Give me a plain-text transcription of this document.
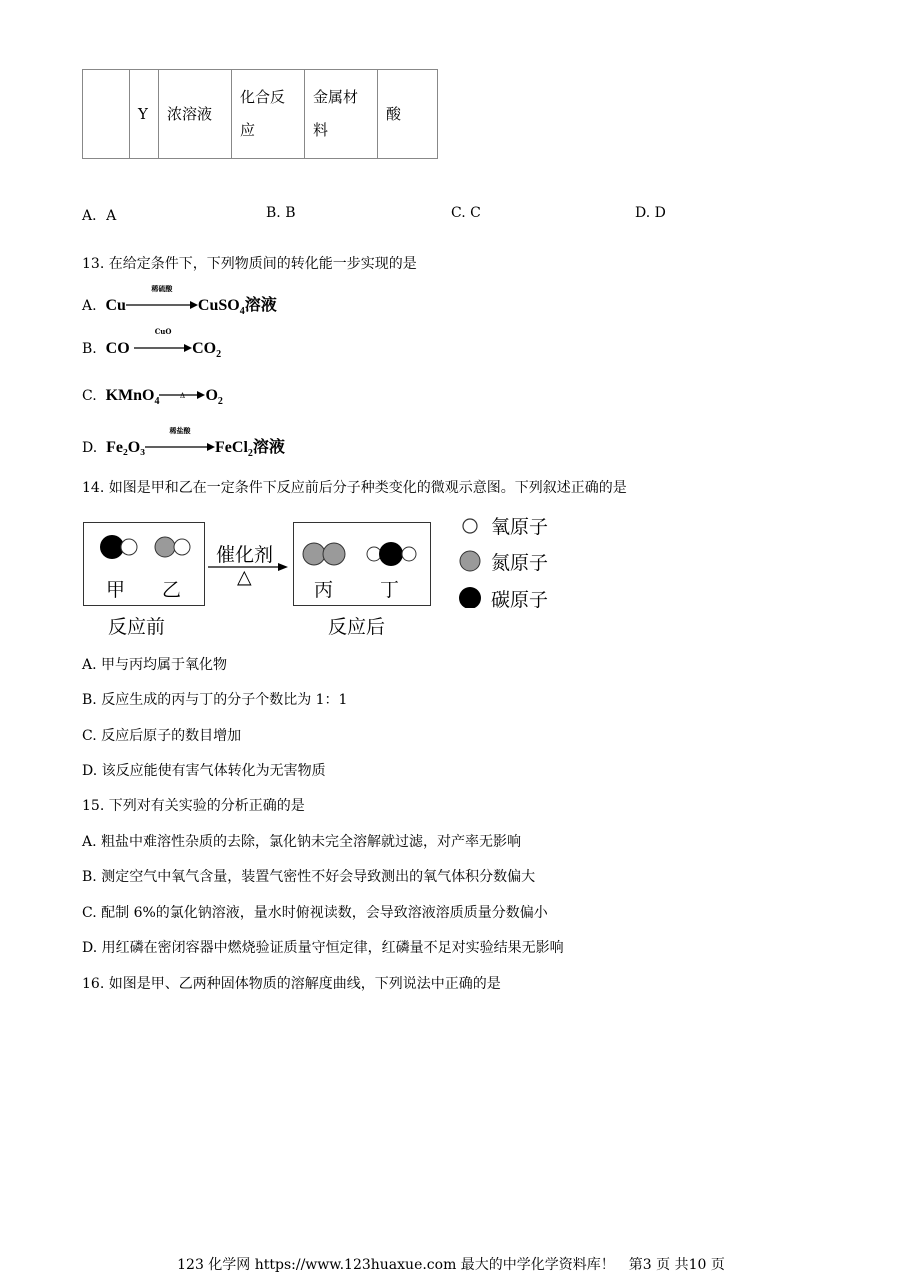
	Y	浓溶液	化合反应	金属材料	酸
A．A	B. B	C. C	D. D
13. 在给定条件下，下列物质间的转化能一步实现的是
A. Cu
稀硫酸
CuSO$_4$溶液
B. CO
CuO
$CO_2$
C. KMnO$_4$
Δ	$O_2$
D. Fe₂O₃
稀盐酸
FeCl$_2$溶液
14. 如图是甲和乙在一定条件下反应前后分子种类变化的微观示意图。下列叙述正确的是
甲 乙
反应前
催化剂
△
丙 丁
反应后
氧原子
氮原子
碳原子
A. 甲与丙均属于氧化物
B. 反应生成的丙与丁的分子个数比为 1：1
C. 反应后原子的数目增加
D. 该反应能使有害气体转化为无害物质
15. 下列对有关实验的分析正确的是
A. 粗盐中难溶性杂质的去除，氯化钠未完全溶解就过滤，对产率无影响
B. 测定空气中氧气含量，装置气密性不好会导致测出的氧气体积分数偏大
C. 配制 6%的氯化钠溶液，量水时俯视读数，会导致溶液溶质质量分数偏小
D. 用红磷在密闭容器中燃烧验证质量守恒定律，红磷量不足对实验结果无影响
16. 如图是甲、乙两种固体物质的溶解度曲线，下列说法中正确的是
123 化学网 https://www.123huaxue.com 最大的中学化学资料库！　第3 页 共10 页
